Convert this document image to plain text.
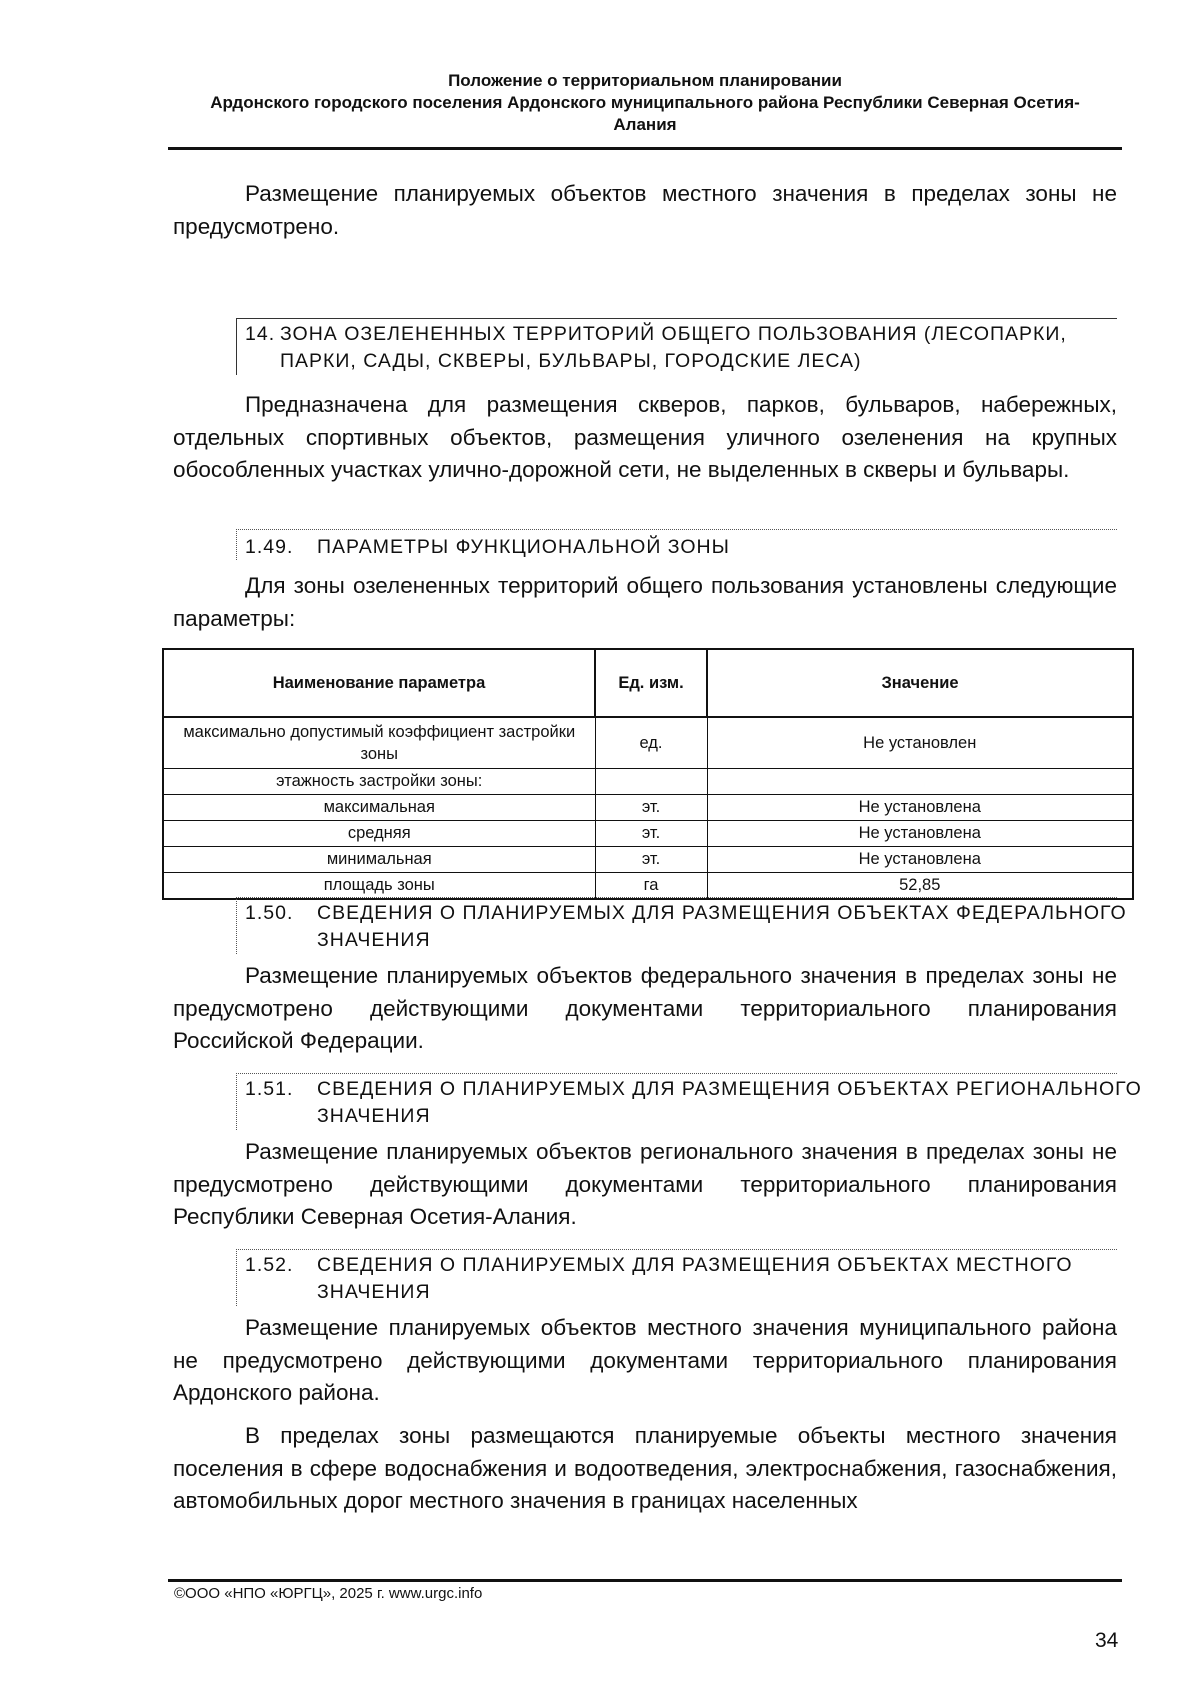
Положение о территориальном планировании
Ардонского городского поселения Ардонского муниципального района Республики Северная Осетия-
Алания

Размещение планируемых объектов местного значения в пределах зоны не предусмотрено.

14. ЗОНА ОЗЕЛЕНЕННЫХ ТЕРРИТОРИЙ ОБЩЕГО ПОЛЬЗОВАНИЯ (ЛЕСОПАРКИ,
ПАРКИ, САДЫ, СКВЕРЫ, БУЛЬВАРЫ, ГОРОДСКИЕ ЛЕСА)

Предназначена для размещения скверов, парков, бульваров, набережных, отдельных спортивных объектов, размещения уличного озеленения на крупных обособленных участках улично-дорожной сети, не выделенных в скверы и бульвары.

1.49. ПАРАМЕТРЫ ФУНКЦИОНАЛЬНОЙ ЗОНЫ

Для зоны озелененных территорий общего пользования установлены следующие параметры:

Наименование параметра	Ед. изм.	Значение
максимально допустимый коэффициент застройки зоны	ед.	Не установлен
этажность застройки зоны:		
максимальная	эт.	Не установлена
средняя	эт.	Не установлена
минимальная	эт.	Не установлена
площадь зоны	га	52,85
1.50. СВЕДЕНИЯ О ПЛАНИРУЕМЫХ ДЛЯ РАЗМЕЩЕНИЯ ОБЪЕКТАХ ФЕДЕРАЛЬНОГО
ЗНАЧЕНИЯ

Размещение планируемых объектов федерального значения в пределах зоны не предусмотрено действующими документами территориального планирования Российской Федерации.

1.51. СВЕДЕНИЯ О ПЛАНИРУЕМЫХ ДЛЯ РАЗМЕЩЕНИЯ ОБЪЕКТАХ РЕГИОНАЛЬНОГО
ЗНАЧЕНИЯ

Размещение планируемых объектов регионального значения в пределах зоны не предусмотрено действующими документами территориального планирования Республики Северная Осетия-Алания.

1.52. СВЕДЕНИЯ О ПЛАНИРУЕМЫХ ДЛЯ РАЗМЕЩЕНИЯ ОБЪЕКТАХ МЕСТНОГО
ЗНАЧЕНИЯ

Размещение планируемых объектов местного значения муниципального района не предусмотрено действующими документами территориального планирования Ардонского района.

В пределах зоны размещаются планируемые объекты местного значения поселения в сфере водоснабжения и водоотведения, электроснабжения, газоснабжения, автомобильных дорог местного значения в границах населенных

©ООО «НПО «ЮРГЦ», 2025 г. www.urgc.info
34
